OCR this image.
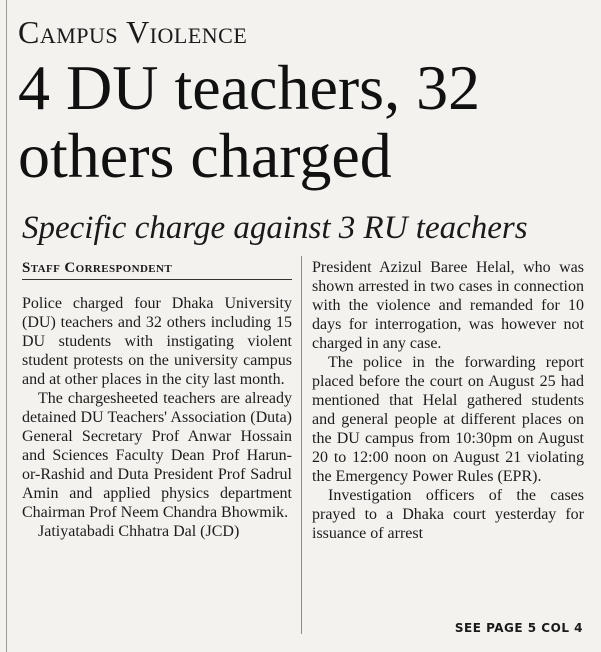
Campus Violence
4 DU teachers, 32 others charged
Specific charge against 3 RU teachers
Staff Correspondent

Police charged four Dhaka University (DU) teachers and 32 others including 15 DU students with instigating violent student protests on the university campus and at other places in the city last month.

The chargesheeted teachers are already detained DU Teachers' Association (Duta) General Secretary Prof Anwar Hossain and Sciences Faculty Dean Prof Harun-or-Rashid and Duta President Prof Sadrul Amin and applied physics department Chairman Prof Neem Chandra Bhowmik.

Jatiyatabadi Chhatra Dal (JCD)

President Azizul Baree Helal, who was shown arrested in two cases in connection with the violence and remanded for 10 days for interrogation, was however not charged in any case.

The police in the forwarding report placed before the court on August 25 had mentioned that Helal gathered students and general people at different places on the DU campus from 10:30pm on August 20 to 12:00 noon on August 21 violating the Emergency Power Rules (EPR).

Investigation officers of the cases prayed to a Dhaka court yesterday for issuance of arrest

SEE PAGE 5 COL 4
